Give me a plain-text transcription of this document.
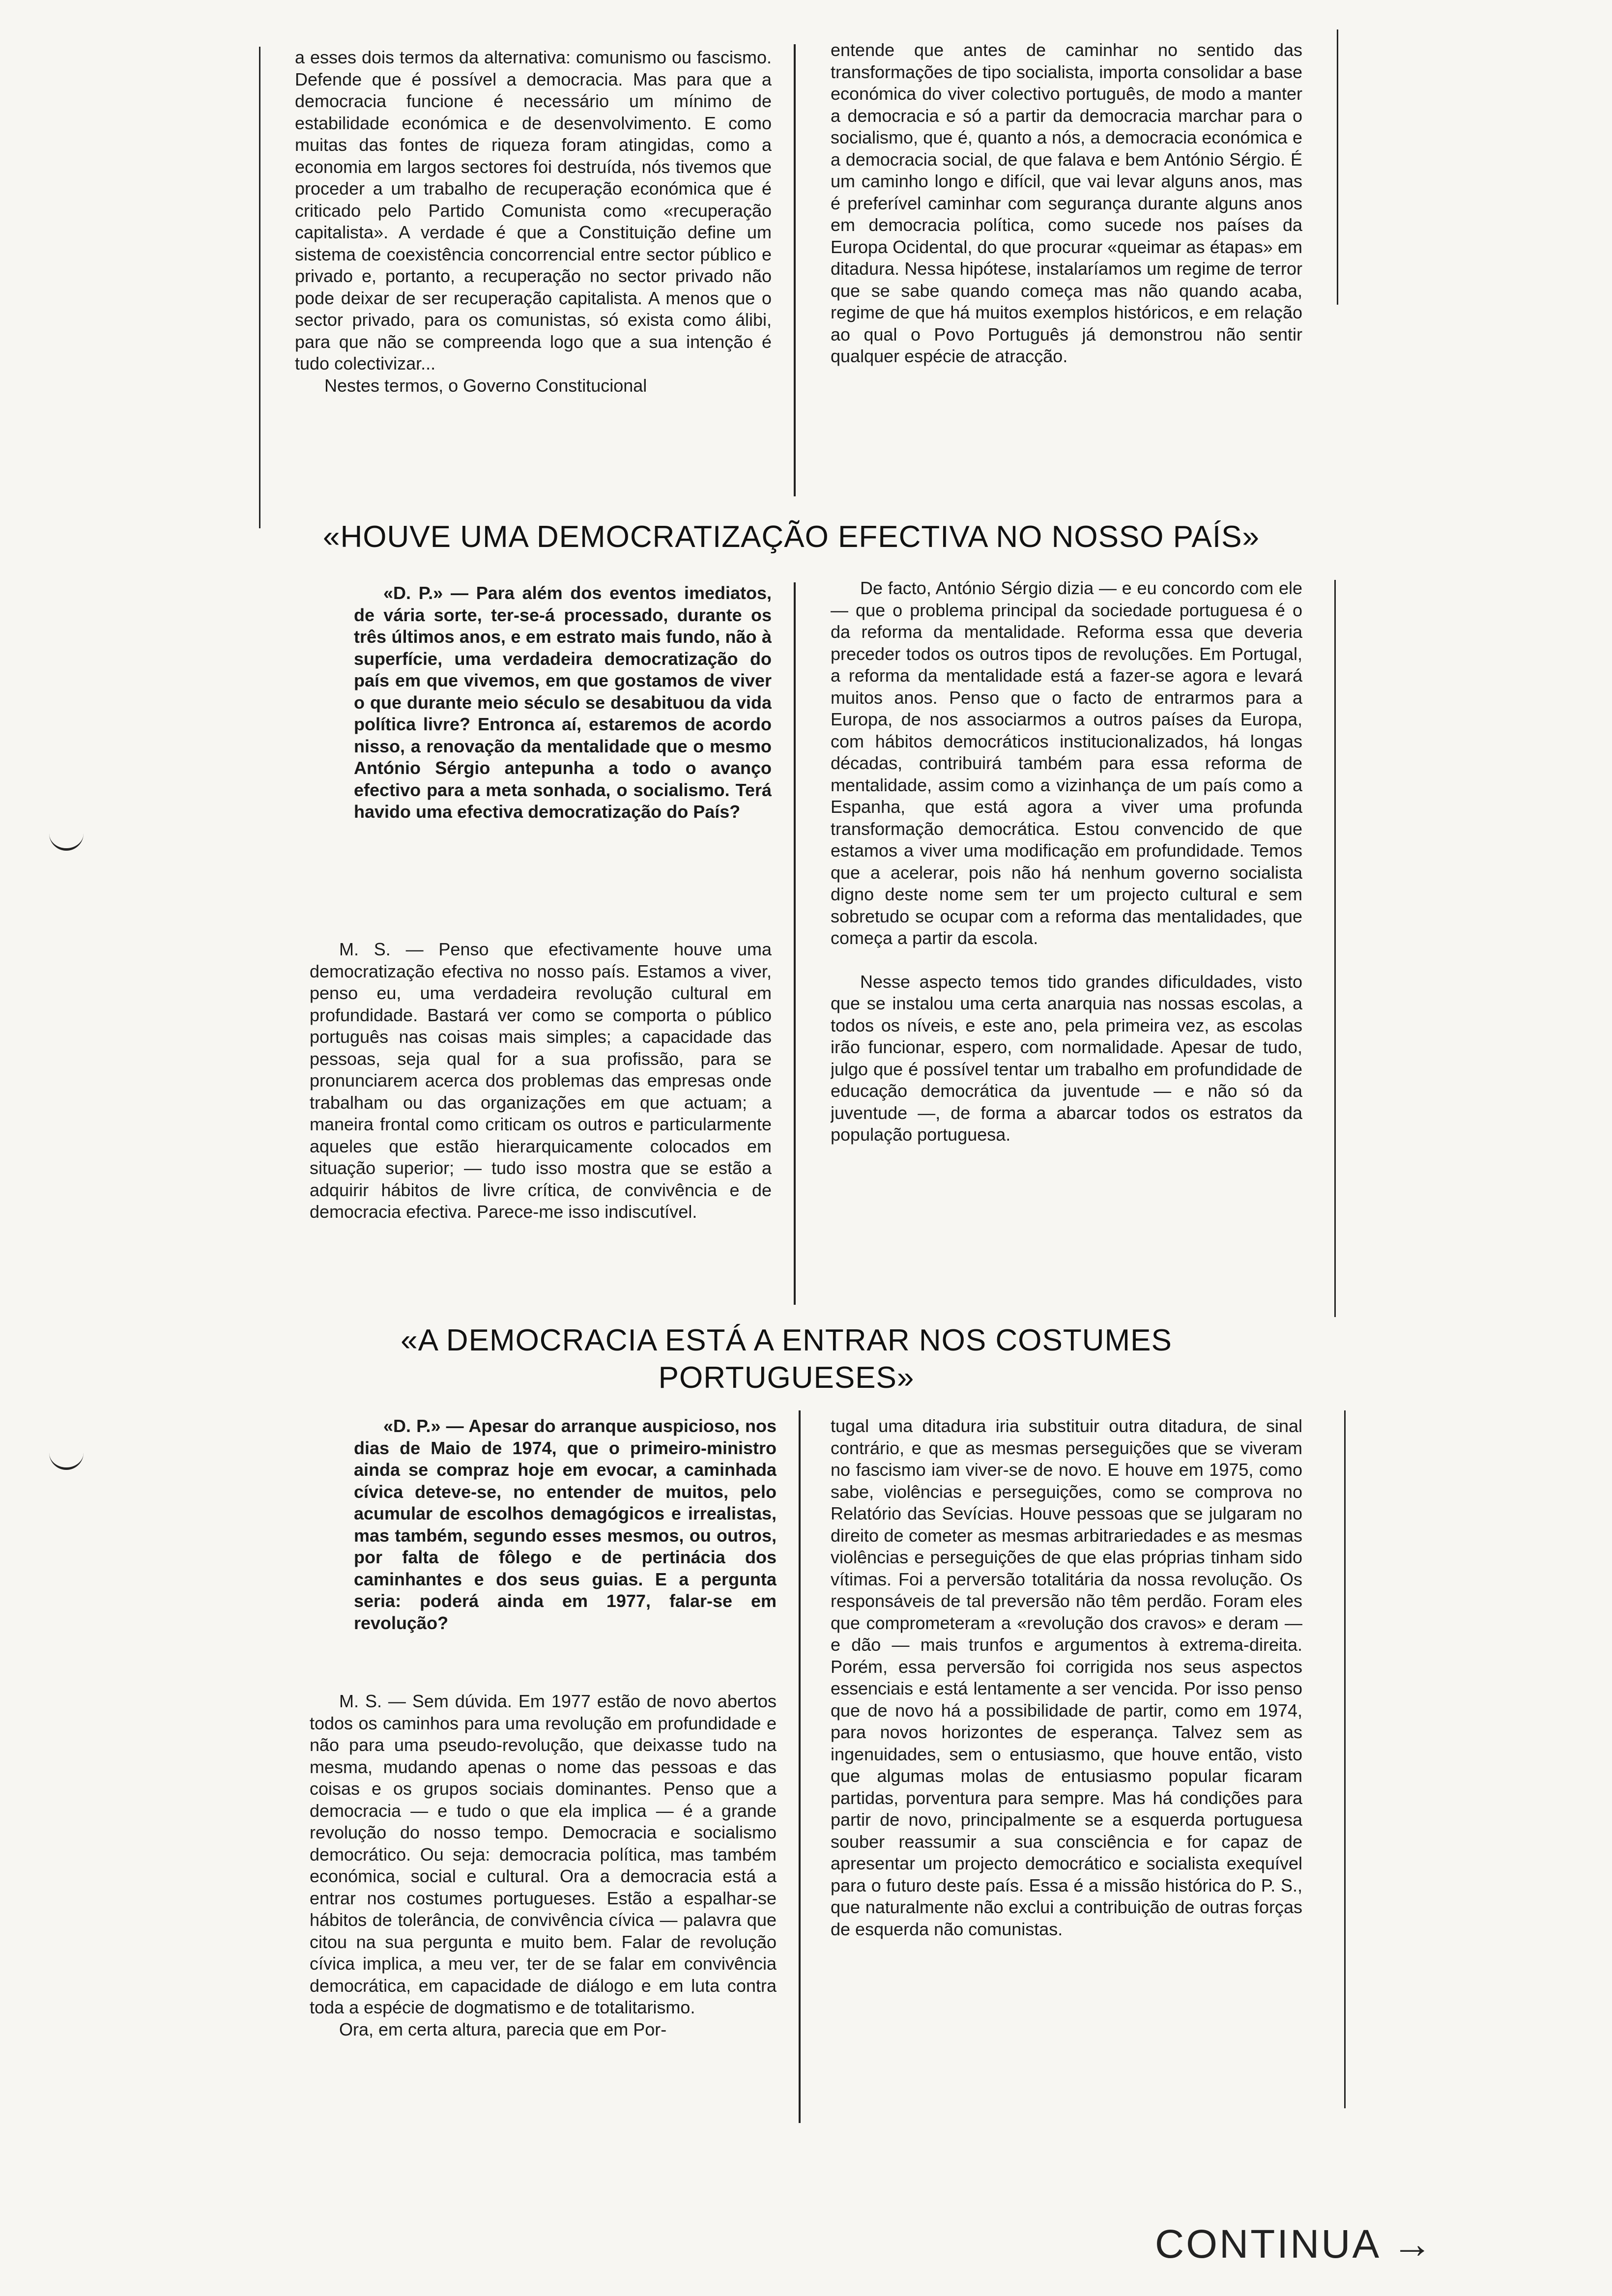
a esses dois termos da alternativa: comunismo ou fascismo. Defende que é possível a democracia. Mas para que a democracia funcione é necessário um mínimo de estabilidade económica e de desenvolvimento. E como muitas das fontes de riqueza foram atingidas, como a economia em largos sectores foi destruída, nós tivemos que proceder a um trabalho de recuperação económica que é criticado pelo Partido Comunista como «recuperação capitalista». A verdade é que a Constituição define um sistema de coexistência concorrencial entre sector público e privado e, portanto, a recuperação no sector privado não pode deixar de ser recuperação capitalista. A menos que o sector privado, para os comunistas, só exista como álibi, para que não se compreenda logo que a sua intenção é tudo colectivizar...

Nestes termos, o Governo Constitucional

entende que antes de caminhar no sentido das transformações de tipo socialista, importa consolidar a base económica do viver colectivo português, de modo a manter a democracia e só a partir da democracia marchar para o socialismo, que é, quanto a nós, a democracia económica e a democracia social, de que falava e bem António Sérgio. É um caminho longo e difícil, que vai levar alguns anos, mas é preferível caminhar com segurança durante alguns anos em democracia política, como sucede nos países da Europa Ocidental, do que procurar «queimar as étapas» em ditadura. Nessa hipótese, instalaríamos um regime de terror que se sabe quando começa mas não quando acaba, regime de que há muitos exemplos históricos, e em relação ao qual o Povo Português já demonstrou não sentir qualquer espécie de atracção.

«HOUVE UMA DEMOCRATIZAÇÃO EFECTIVA NO NOSSO PAÍS»

«D. P.» — Para além dos eventos imediatos, de vária sorte, ter-se-á processado, durante os três últimos anos, e em estrato mais fundo, não à superfície, uma verdadeira democratização do país em que vivemos, em que gostamos de viver o que durante meio século se desabituou da vida política livre? Entronca aí, estaremos de acordo nisso, a renovação da mentalidade que o mesmo António Sérgio antepunha a todo o avanço efectivo para a meta sonhada, o socialismo. Terá havido uma efectiva democratização do País?

M. S. — Penso que efectivamente houve uma democratização efectiva no nosso país. Estamos a viver, penso eu, uma verdadeira revolução cultural em profundidade. Bastará ver como se comporta o público português nas coisas mais simples; a capacidade das pessoas, seja qual for a sua profissão, para se pronunciarem acerca dos problemas das empresas onde trabalham ou das organizações em que actuam; a maneira frontal como criticam os outros e particularmente aqueles que estão hierarquicamente colocados em situação superior; — tudo isso mostra que se estão a adquirir hábitos de livre crítica, de convivência e de democracia efectiva. Parece-me isso indiscutível.

De facto, António Sérgio dizia — e eu concordo com ele — que o problema principal da sociedade portuguesa é o da reforma da mentalidade. Reforma essa que deveria preceder todos os outros tipos de revoluções. Em Portugal, a reforma da mentalidade está a fazer-se agora e levará muitos anos. Penso que o facto de entrarmos para a Europa, de nos associarmos a outros países da Europa, com hábitos democráticos institucionalizados, há longas décadas, contribuirá também para essa reforma de mentalidade, assim como a vizinhança de um país como a Espanha, que está agora a viver uma profunda transformação democrática. Estou convencido de que estamos a viver uma modificação em profundidade. Temos que a acelerar, pois não há nenhum governo socialista digno deste nome sem ter um projecto cultural e sem sobretudo se ocupar com a reforma das mentalidades, que começa a partir da escola.

Nesse aspecto temos tido grandes dificuldades, visto que se instalou uma certa anarquia nas nossas escolas, a todos os níveis, e este ano, pela primeira vez, as escolas irão funcionar, espero, com normalidade. Apesar de tudo, julgo que é possível tentar um trabalho em profundidade de educação democrática da juventude — e não só da juventude —, de forma a abarcar todos os estratos da população portuguesa.

«A DEMOCRACIA ESTÁ A ENTRAR NOS COSTUMES
PORTUGUESES»

«D. P.» — Apesar do arranque auspicioso, nos dias de Maio de 1974, que o primeiro-ministro ainda se compraz hoje em evocar, a caminhada cívica deteve-se, no entender de muitos, pelo acumular de escolhos demagógicos e irrealistas, mas também, segundo esses mesmos, ou outros, por falta de fôlego e de pertinácia dos caminhantes e dos seus guias. E a pergunta seria: poderá ainda em 1977, falar-se em revolução?

M. S. — Sem dúvida. Em 1977 estão de novo abertos todos os caminhos para uma revolução em profundidade e não para uma pseudo-revolução, que deixasse tudo na mesma, mudando apenas o nome das pessoas e das coisas e os grupos sociais dominantes. Penso que a democracia — e tudo o que ela implica — é a grande revolução do nosso tempo. Democracia e socialismo democrático. Ou seja: democracia política, mas também económica, social e cultural. Ora a democracia está a entrar nos costumes portugueses. Estão a espalhar-se hábitos de tolerância, de convivência cívica — palavra que citou na sua pergunta e muito bem. Falar de revolução cívica implica, a meu ver, ter de se falar em convivência democrática, em capacidade de diálogo e em luta contra toda a espécie de dogmatismo e de totalitarismo.

Ora, em certa altura, parecia que em Por-

tugal uma ditadura iria substituir outra ditadura, de sinal contrário, e que as mesmas perseguições que se viveram no fascismo iam viver-se de novo. E houve em 1975, como sabe, violências e perseguições, como se comprova no Relatório das Sevícias. Houve pessoas que se julgaram no direito de cometer as mesmas arbitrariedades e as mesmas violências e perseguições de que elas próprias tinham sido vítimas. Foi a perversão totalitária da nossa revolução. Os responsáveis de tal preversão não têm perdão. Foram eles que comprometeram a «revolução dos cravos» e deram — e dão — mais trunfos e argumentos à extrema-direita. Porém, essa perversão foi corrigida nos seus aspectos essenciais e está lentamente a ser vencida. Por isso penso que de novo há a possibilidade de partir, como em 1974, para novos horizontes de esperança. Talvez sem as ingenuidades, sem o entusiasmo, que houve então, visto que algumas molas de entusiasmo popular ficaram partidas, porventura para sempre. Mas há condições para partir de novo, principalmente se a esquerda portuguesa souber reassumir a sua consciência e for capaz de apresentar um projecto democrático e socialista exequível para o futuro deste país. Essa é a missão histórica do P. S., que naturalmente não exclui a contribuição de outras forças de esquerda não comunistas.

CONTINUA →
